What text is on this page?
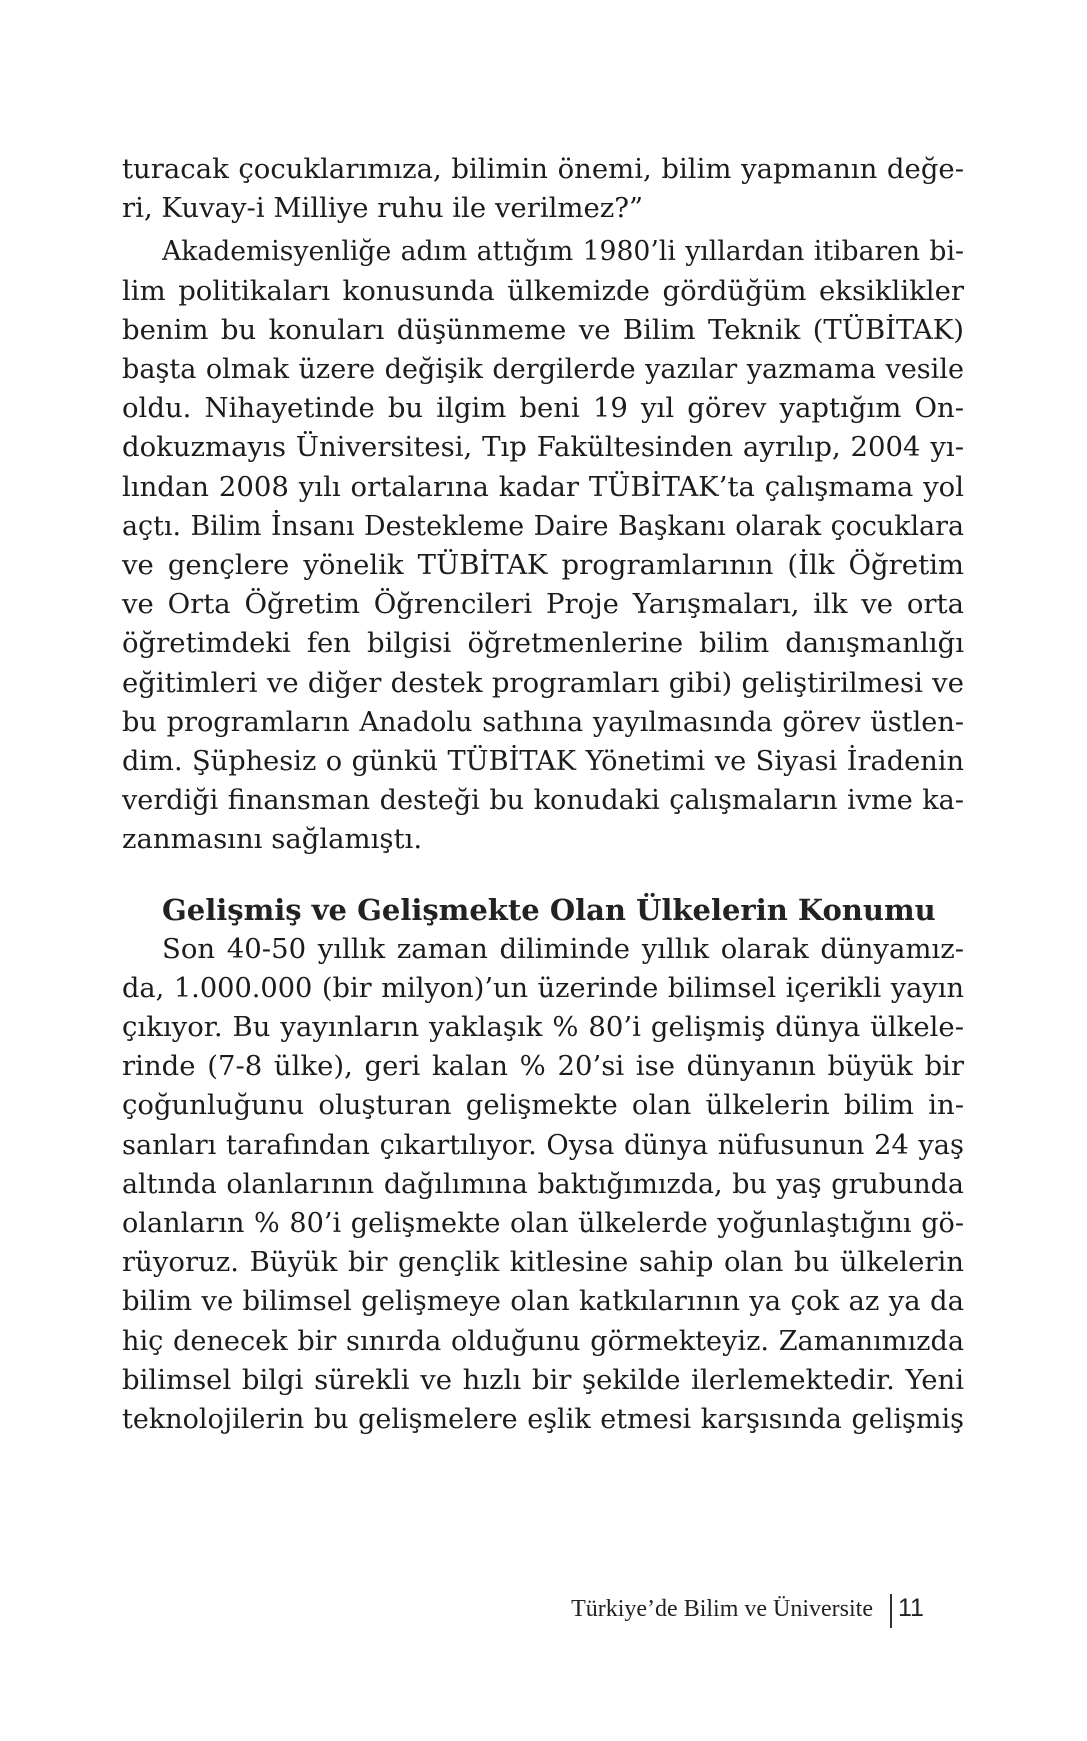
turacak çocuklarımıza, bilimin önemi, bilim yapmanın değe-
ri, Kuvay-i Milliye ruhu ile verilmez?”
Akademisyenliğe adım attığım 1980’li yıllardan itibaren bi-
lim politikaları konusunda ülkemizde gördüğüm eksiklikler
benim bu konuları düşünmeme ve Bilim Teknik (TÜBİTAK)
başta olmak üzere değişik dergilerde yazılar yazmama vesile
oldu. Nihayetinde bu ilgim beni 19 yıl görev yaptığım On-
dokuzmayıs Üniversitesi, Tıp Fakültesinden ayrılıp, 2004 yı-
lından 2008 yılı ortalarına kadar TÜBİTAK’ta çalışmama yol
açtı. Bilim İnsanı Destekleme Daire Başkanı olarak çocuklara
ve gençlere yönelik TÜBİTAK programlarının (İlk Öğretim
ve Orta Öğretim Öğrencileri Proje Yarışmaları, ilk ve orta
öğretimdeki fen bilgisi öğretmenlerine bilim danışmanlığı
eğitimleri ve diğer destek programları gibi) geliştirilmesi ve
bu programların Anadolu sathına yayılmasında görev üstlen-
dim. Şüphesiz o günkü TÜBİTAK Yönetimi ve Siyasi İradenin
verdiği finansman desteği bu konudaki çalışmaların ivme ka-
zanmasını sağlamıştı.
Gelişmiş ve Gelişmekte Olan Ülkelerin Konumu
Son 40-50 yıllık zaman diliminde yıllık olarak dünyamız-
da, 1.000.000 (bir milyon)’un üzerinde bilimsel içerikli yayın
çıkıyor. Bu yayınların yaklaşık % 80’i gelişmiş dünya ülkele-
rinde (7-8 ülke), geri kalan % 20’si ise dünyanın büyük bir
çoğunluğunu oluşturan gelişmekte olan ülkelerin bilim in-
sanları tarafından çıkartılıyor. Oysa dünya nüfusunun 24 yaş
altında olanlarının dağılımına baktığımızda, bu yaş grubunda
olanların % 80’i gelişmekte olan ülkelerde yoğunlaştığını gö-
rüyoruz. Büyük bir gençlik kitlesine sahip olan bu ülkelerin
bilim ve bilimsel gelişmeye olan katkılarının ya çok az ya da
hiç denecek bir sınırda olduğunu görmekteyiz. Zamanımızda
bilimsel bilgi sürekli ve hızlı bir şekilde ilerlemektedir. Yeni
teknolojilerin bu gelişmelere eşlik etmesi karşısında gelişmiş
Türkiye’de Bilim ve Üniversite 11
